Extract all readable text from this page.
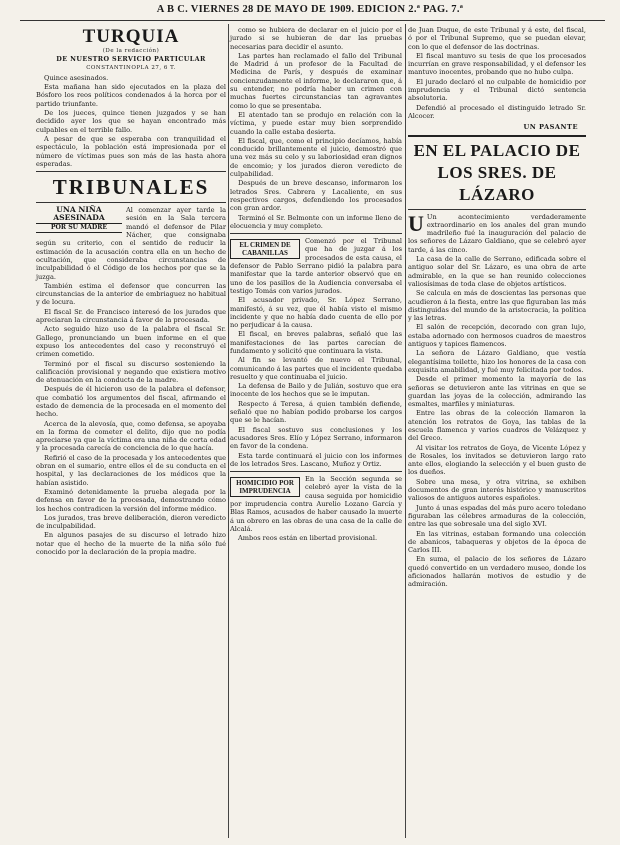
A B C. VIERNES 28 DE MAYO DE 1909. EDICION 2.ª PAG. 7.ª
TURQUIA
(De la redacción)
DE NUESTRO SERVICIO PARTICULAR
CONSTANTINOPLA 27, 6 T.

Quince asesinados.

Esta mañana han sido ejecutados en la plaza del Bósforo los reos políticos condenados á la horca por el partido triunfante.

De los jueces, quince tienen juzgados y se han decidido ayer los que se hayan encontrado más culpables en el terrible fallo.

A pesar de que se esperaba con tranquilidad el espectáculo, la población está impresionada por el número de víctimas pues son más de las hasta ahora esperadas.

TRIBUNALES
UNA NIÑA ASESINADA
POR SU MADRE

Al comenzar ayer tarde la sesión en la Sala tercera mandó el defensor de Pilar Nácher, que consignaba según su criterio, con el sentido de reducir la estimación de la acusación contra ella en un hecho de ocultación, que consideraba circunstancias de inculpabilidad ó el Código de los hechos por que se la juzga.

También estima el defensor que concurren las circunstancias de la anterior de embriaguez no habitual y de locura.

El fiscal Sr. de Francisco interesó de los jurados que apreciaran la circunstancia á favor de la procesada.

Acto seguido hizo uso de la palabra el fiscal Sr. Gallego, pronunciando un buen informe en el que expuso los antecedentes del caso y reconstruyó el crimen cometido.

Terminó por el fiscal su discurso sosteniendo la calificación provisional y negando que existiera motivo de atenuación en la conducta de la madre.

Después de él hicieron uso de la palabra el defensor, que combatió los argumentos del fiscal, afirmando el estado de demencia de la procesada en el momento del hecho.

Acerca de la alevosía, que, como defensa, se apoyaba en la forma de cometer el delito, dijo que no podía apreciarse ya que la víctima era una niña de corta edad y la procesada carecía de conciencia de lo que hacía.

Refirió el caso de la procesada y los antecedentes que obran en el sumario, entre ellos el de su conducta en el hospital, y las declaraciones de los médicos que la habían asistido.

Examinó detenidamente la prueba alegada por la defensa en favor de la procesada, demostrando cómo los hechos contradicen la versión del informe médico.

Los jurados, tras breve deliberación, dieron veredicto de inculpabilidad.

En algunos pasajes de su discurso el letrado hizo notar que el hecho de la muerte de la niña sólo fué conocido por la declaración de la propia madre.

como se hubiera de declarar en el juicio por el jurado si se hubieran de dar las pruebas necesarias para decidir el asunto.

Las partes han reclamado el fallo del Tribunal de Madrid á un profesor de la Facultad de Medicina de París, y después de examinar concienzudamente el informe, le declararon que, á su entender, no podría haber un crimen con muchas fuertes circunstancias tan agravantes como lo que se presentaba.

El atentado tan se produjo en relación con la víctima, y puede estar muy bien sorprendido cuando la calle estaba desierta.

El fiscal, que, como el principio decíamos, había conducido brillantemente el juicio, demostró que una vez más su celo y su laboriosidad eran dignos de encomio; y los jurados dieron veredicto de culpabilidad.

Después de un breve descanso, informaron los letrados Sres. Cabrera y Lacaliente, en sus respectivos cargos, defendiendo los procesados con gran ardor.

Terminó el Sr. Belmonte con un informe lleno de elocuencia y muy completo.

EL CRIMEN DE CABANILLAS

Comenzó por el Tribunal que ha de juzgar á los procesados de esta causa, el defensor de Pablo Serrano pidió la palabra para manifestar que la tarde anterior observó que en uno de los pasillos de la Audiencia conversaba el testigo Tomás con varios jurados.

El acusador privado, Sr. López Serrano, manifestó, á su vez, que él había visto el mismo incidente y que no había dado cuenta de ello por no perjudicar á la causa.

El fiscal, en breves palabras, señaló que las manifestaciones de las partes carecían de fundamento y solicitó que continuara la vista.

Al fin se levantó de nuevo el Tribunal, comunicando á las partes que el incidente quedaba resuelto y que continuaba el juicio.

La defensa de Bailo y de Julián, sostuvo que era inocente de los hechos que se le imputan.

Respecto á Teresa, á quien también defiende, señaló que no habían podido probarse los cargos que se le hacían.

El fiscal sostuvo sus conclusiones y los acusadores Sres. Elío y López Serrano, informaron en favor de la condena.

Esta tarde continuará el juicio con los informes de los letrados Sres. Lascano, Muñoz y Ortiz.

HOMICIDIO POR IMPRUDENCIA

En la Sección segunda se celebró ayer la vista de la causa seguida por homicidio por imprudencia contra Aurelio Lozano García y Blas Ramos, acusados de haber causado la muerte á un obrero en las obras de una casa de la calle de Alcalá.

Ambos reos están en libertad provisional.

de Juan Duque, de este Tribunal y á este, del fiscal, ó por el Tribunal Supremo, que se puedan elevar, con lo que el defensor de las doctrinas.

El fiscal mantuvo su tesis de que los procesados incurrían en grave responsabilidad, y el defensor les mantuvo inocentes, probando que no hubo culpa.

El jurado declaró el no culpable de homicidio por imprudencia y el Tribunal dictó sentencia absolutoria.

Defendió al procesado el distinguido letrado Sr. Alcocer.

UN PASANTE
EN EL PALACIO DE LOS SRES. DE LÁZARO
U Un acontecimiento verdaderamente extraordinario en los anales del gran mundo madrileño fué la inauguración del palacio de los señores de Lázaro Galdiano, que se celebró ayer tarde, á las cinco.

La casa de la calle de Serrano, edificada sobre el antiguo solar del Sr. Lázaro, es una obra de arte admirable, en la que se han reunido colecciones valiosísimas de toda clase de objetos artísticos.

Se calcula en más de doscientas las personas que acudieron á la fiesta, entre las que figuraban las más distinguidas del mundo de la aristocracia, la política y las letras.

El salón de recepción, decorado con gran lujo, estaba adornado con hermosos cuadros de maestros antiguos y tapices flamencos.

La señora de Lázaro Galdiano, que vestía elegantísima toilette, hizo los honores de la casa con exquisita amabilidad, y fué muy felicitada por todos.

Desde el primer momento la mayoría de las señoras se detuvieron ante las vitrinas en que se guardan las joyas de la colección, admirando las esmaltes, marfiles y miniaturas.

Entre las obras de la colección llamaron la atención los retratos de Goya, las tablas de la escuela flamenca y varios cuadros de Velázquez y del Greco.

Al visitar los retratos de Goya, de Vicente López y de Rosales, los invitados se detuvieron largo rato ante ellos, elogiando la selección y el buen gusto de los dueños.

Sobre una mesa, y otra vitrina, se exhiben documentos de gran interés histórico y manuscritos valiosos de antiguos autores españoles.

Junto á unas espadas del más puro acero toledano figuraban las célebres armaduras de la colección, entre las que sobresale una del siglo XVI.

En las vitrinas, estaban formando una colección de abanicos, tabaqueras y objetos de la época de Carlos III.

En suma, el palacio de los señores de Lázaro quedó convertido en un verdadero museo, donde los aficionados hallarán motivos de estudio y de admiración.
